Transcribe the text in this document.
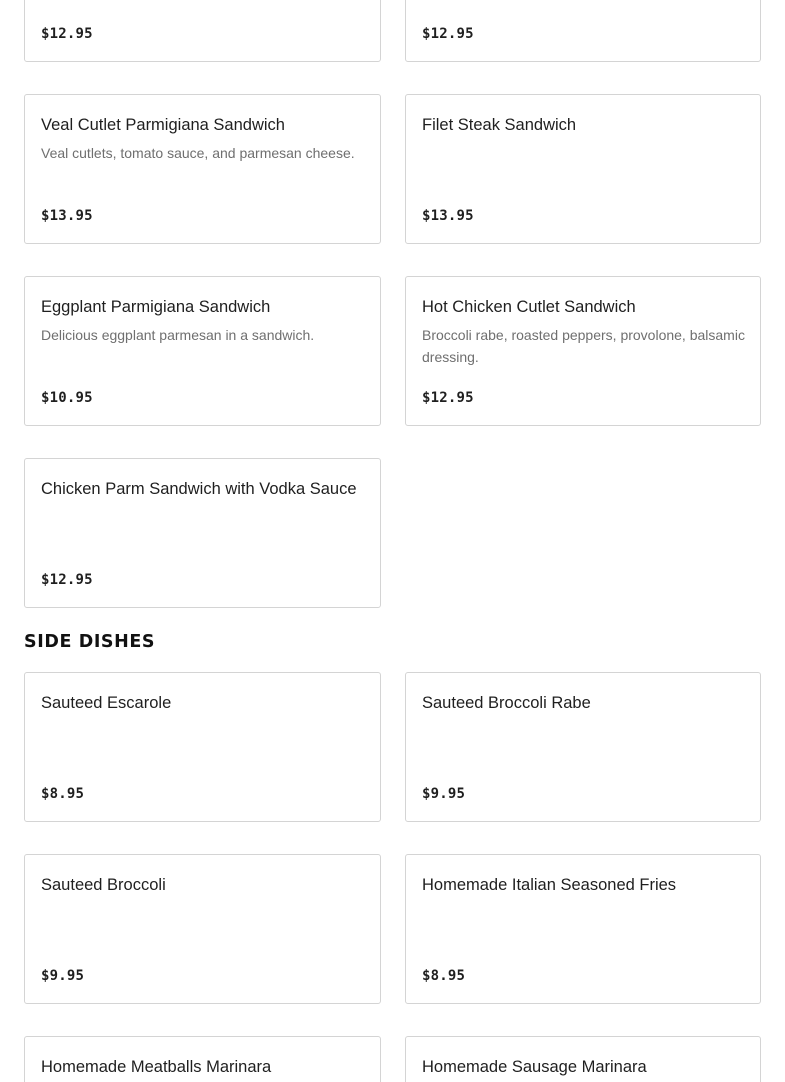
$12.95	$12.95
Veal Cutlet Parmigiana Sandwich
Veal cutlets, tomato sauce, and parmesan cheese.
$13.95
Filet Steak Sandwich
$13.95
Eggplant Parmigiana Sandwich
Delicious eggplant parmesan in a sandwich.
$10.95
Hot Chicken Cutlet Sandwich
Broccoli rabe, roasted peppers, provolone, balsamic dressing.
$12.95
Chicken Parm Sandwich with Vodka Sauce
$12.95
SIDE DISHES
Sauteed Escarole
$8.95
Sauteed Broccoli Rabe
$9.95
Sauteed Broccoli
$9.95
Homemade Italian Seasoned Fries
$8.95
Homemade Meatballs Marinara	Homemade Sausage Marinara
